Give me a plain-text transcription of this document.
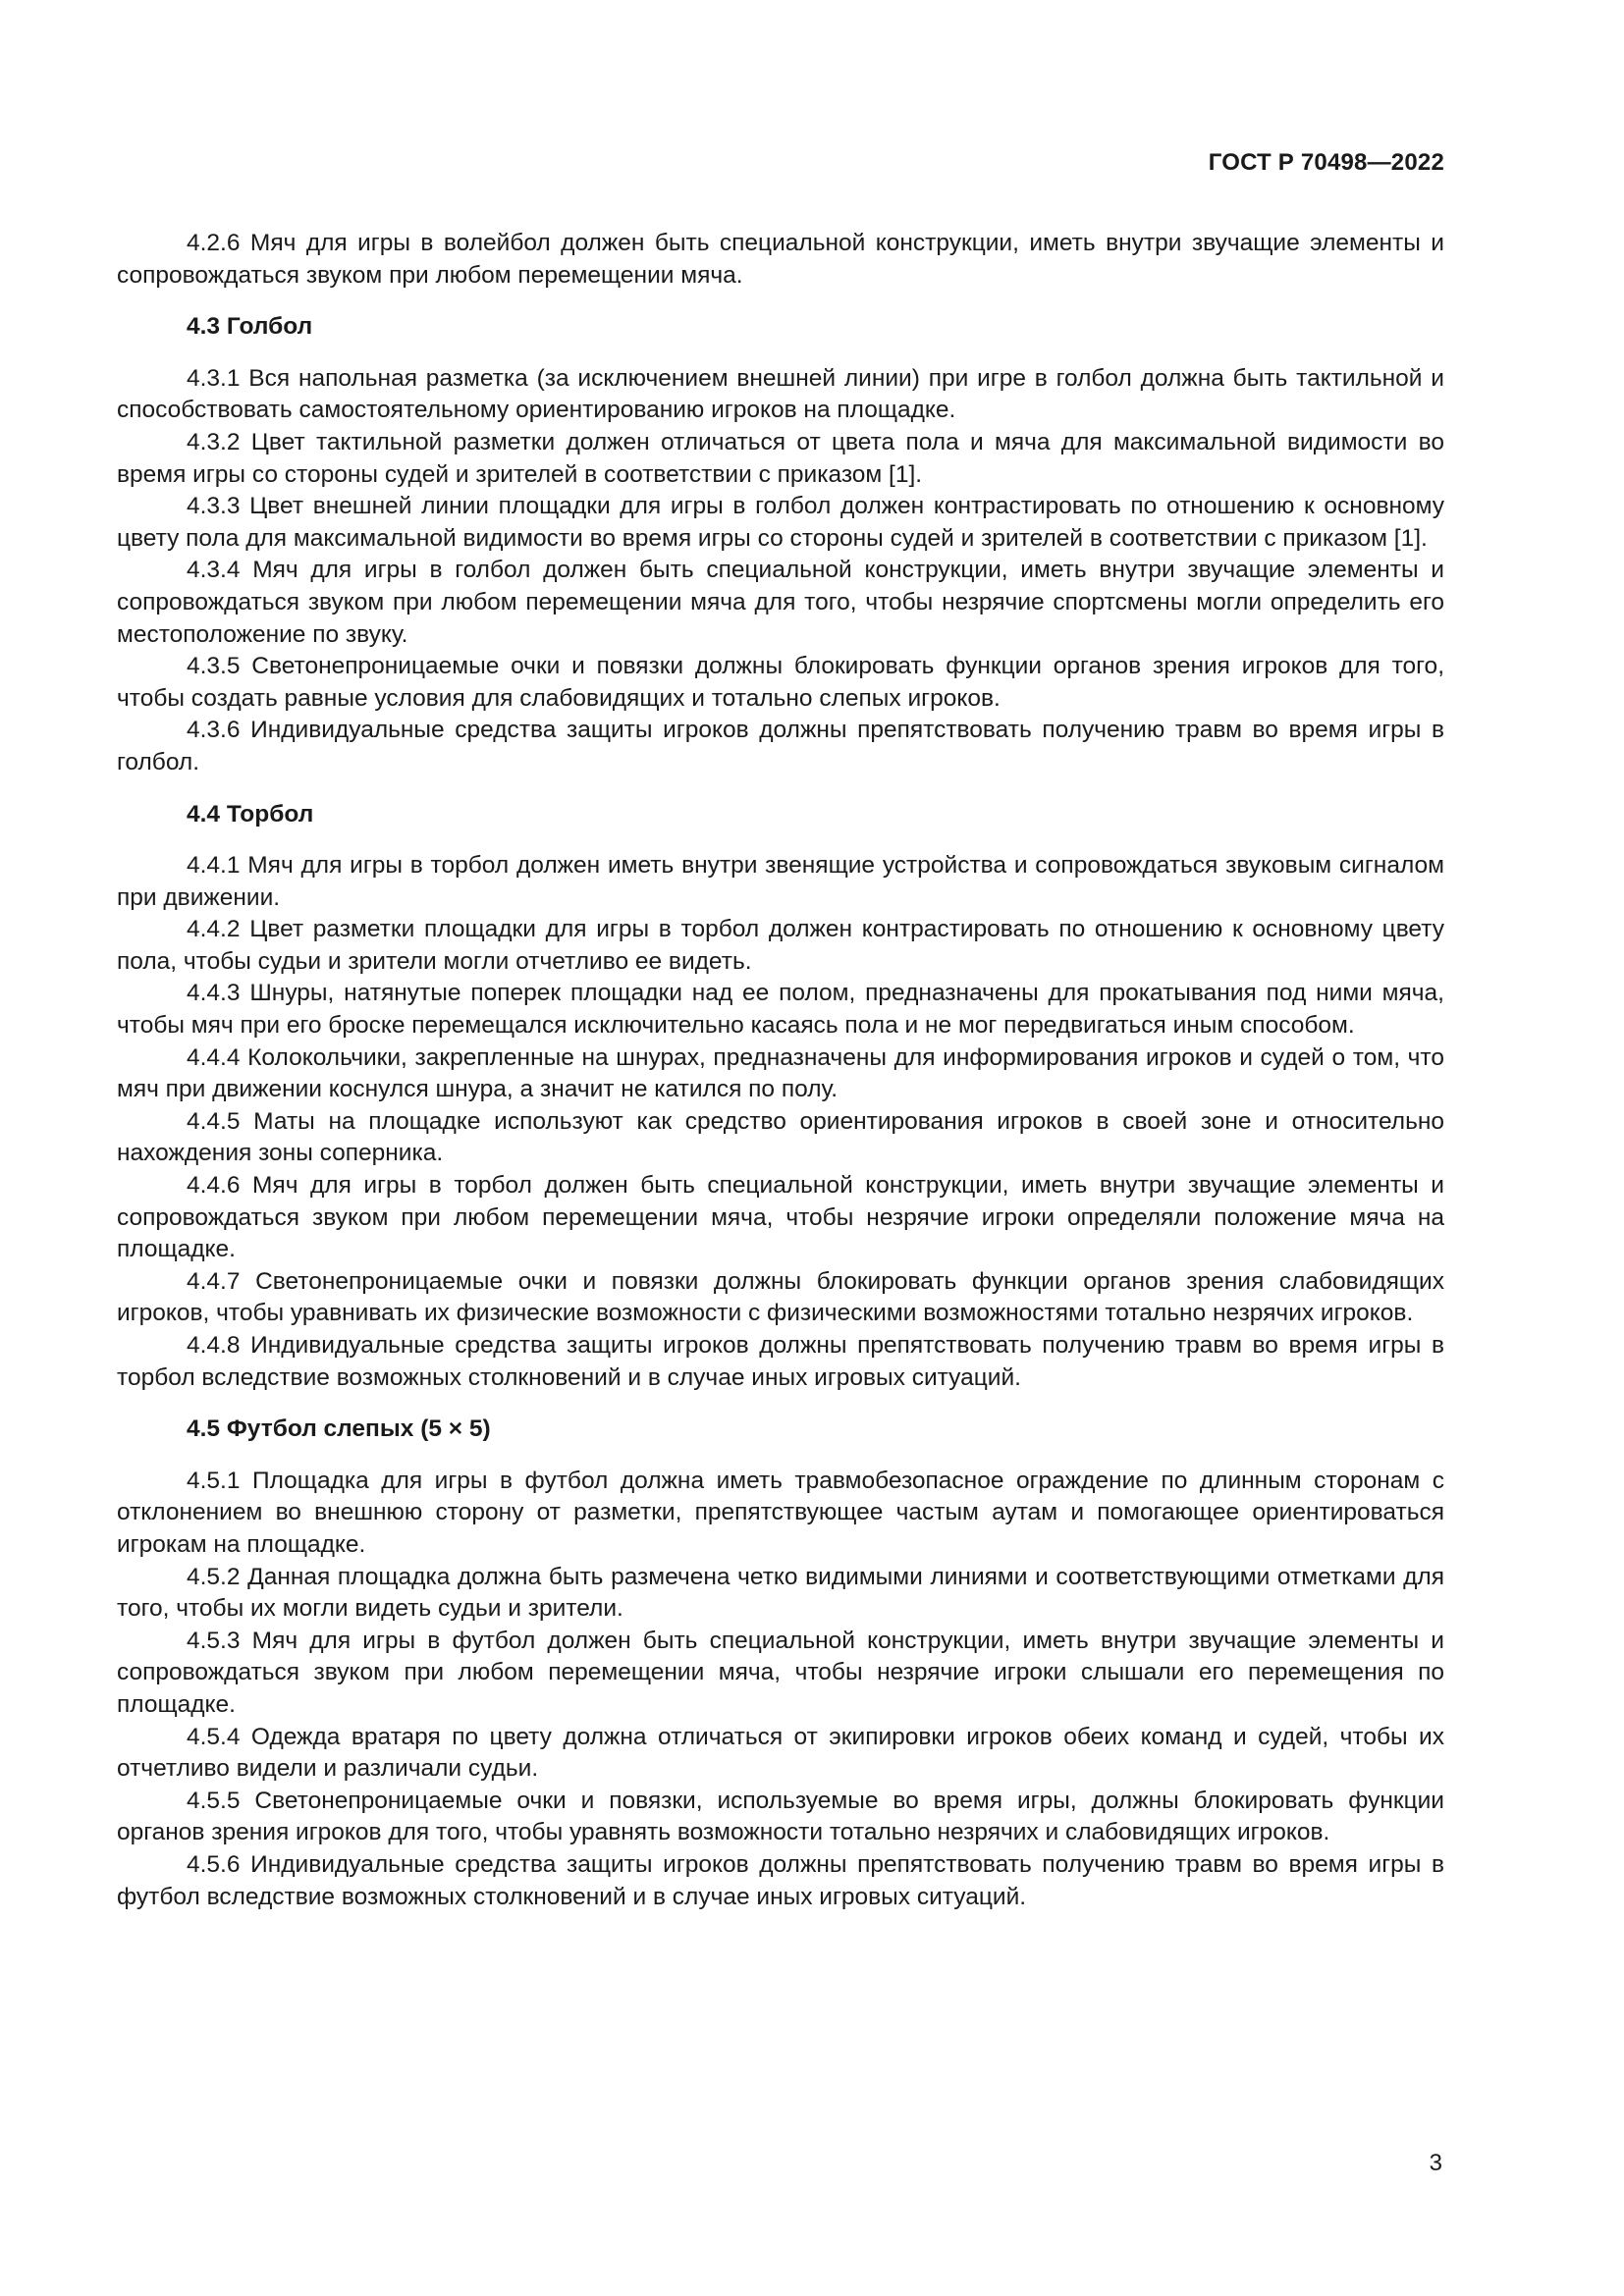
ГОСТ Р 70498—2022

4.2.6 Мяч для игры в волейбол должен быть специальной конструкции, иметь внутри звучащие элементы и сопровождаться звуком при любом перемещении мяча.

4.3 Голбол

4.3.1 Вся напольная разметка (за исключением внешней линии) при игре в голбол должна быть тактильной и способствовать самостоятельному ориентированию игроков на площадке.

4.3.2 Цвет тактильной разметки должен отличаться от цвета пола и мяча для максимальной видимости во время игры со стороны судей и зрителей в соответствии с приказом [1].

4.3.3 Цвет внешней линии площадки для игры в голбол должен контрастировать по отношению к основному цвету пола для максимальной видимости во время игры со стороны судей и зрителей в соответствии с приказом [1].

4.3.4 Мяч для игры в голбол должен быть специальной конструкции, иметь внутри звучащие элементы и сопровождаться звуком при любом перемещении мяча для того, чтобы незрячие спортсмены могли определить его местоположение по звуку.

4.3.5 Светонепроницаемые очки и повязки должны блокировать функции органов зрения игроков для того, чтобы создать равные условия для слабовидящих и тотально слепых игроков.

4.3.6 Индивидуальные средства защиты игроков должны препятствовать получению травм во время игры в голбол.

4.4 Торбол

4.4.1 Мяч для игры в торбол должен иметь внутри звенящие устройства и сопровождаться звуковым сигналом при движении.

4.4.2 Цвет разметки площадки для игры в торбол должен контрастировать по отношению к основному цвету пола, чтобы судьи и зрители могли отчетливо ее видеть.

4.4.3 Шнуры, натянутые поперек площадки над ее полом, предназначены для прокатывания под ними мяча, чтобы мяч при его броске перемещался исключительно касаясь пола и не мог передвигаться иным способом.

4.4.4 Колокольчики, закрепленные на шнурах, предназначены для информирования игроков и судей о том, что мяч при движении коснулся шнура, а значит не катился по полу.

4.4.5 Маты на площадке используют как средство ориентирования игроков в своей зоне и относительно нахождения зоны соперника.

4.4.6 Мяч для игры в торбол должен быть специальной конструкции, иметь внутри звучащие элементы и сопровождаться звуком при любом перемещении мяча, чтобы незрячие игроки определяли положение мяча на площадке.

4.4.7 Светонепроницаемые очки и повязки должны блокировать функции органов зрения слабовидящих игроков, чтобы уравнивать их физические возможности с физическими возможностями тотально незрячих игроков.

4.4.8 Индивидуальные средства защиты игроков должны препятствовать получению травм во время игры в торбол вследствие возможных столкновений и в случае иных игровых ситуаций.

4.5 Футбол слепых (5 × 5)

4.5.1 Площадка для игры в футбол должна иметь травмобезопасное ограждение по длинным сторонам с отклонением во внешнюю сторону от разметки, препятствующее частым аутам и помогающее ориентироваться игрокам на площадке.

4.5.2 Данная площадка должна быть размечена четко видимыми линиями и соответствующими отметками для того, чтобы их могли видеть судьи и зрители.

4.5.3 Мяч для игры в футбол должен быть специальной конструкции, иметь внутри звучащие элементы и сопровождаться звуком при любом перемещении мяча, чтобы незрячие игроки слышали его перемещения по площадке.

4.5.4 Одежда вратаря по цвету должна отличаться от экипировки игроков обеих команд и судей, чтобы их отчетливо видели и различали судьи.

4.5.5 Светонепроницаемые очки и повязки, используемые во время игры, должны блокировать функции органов зрения игроков для того, чтобы уравнять возможности тотально незрячих и слабовидящих игроков.

4.5.6 Индивидуальные средства защиты игроков должны препятствовать получению травм во время игры в футбол вследствие возможных столкновений и в случае иных игровых ситуаций.

3
